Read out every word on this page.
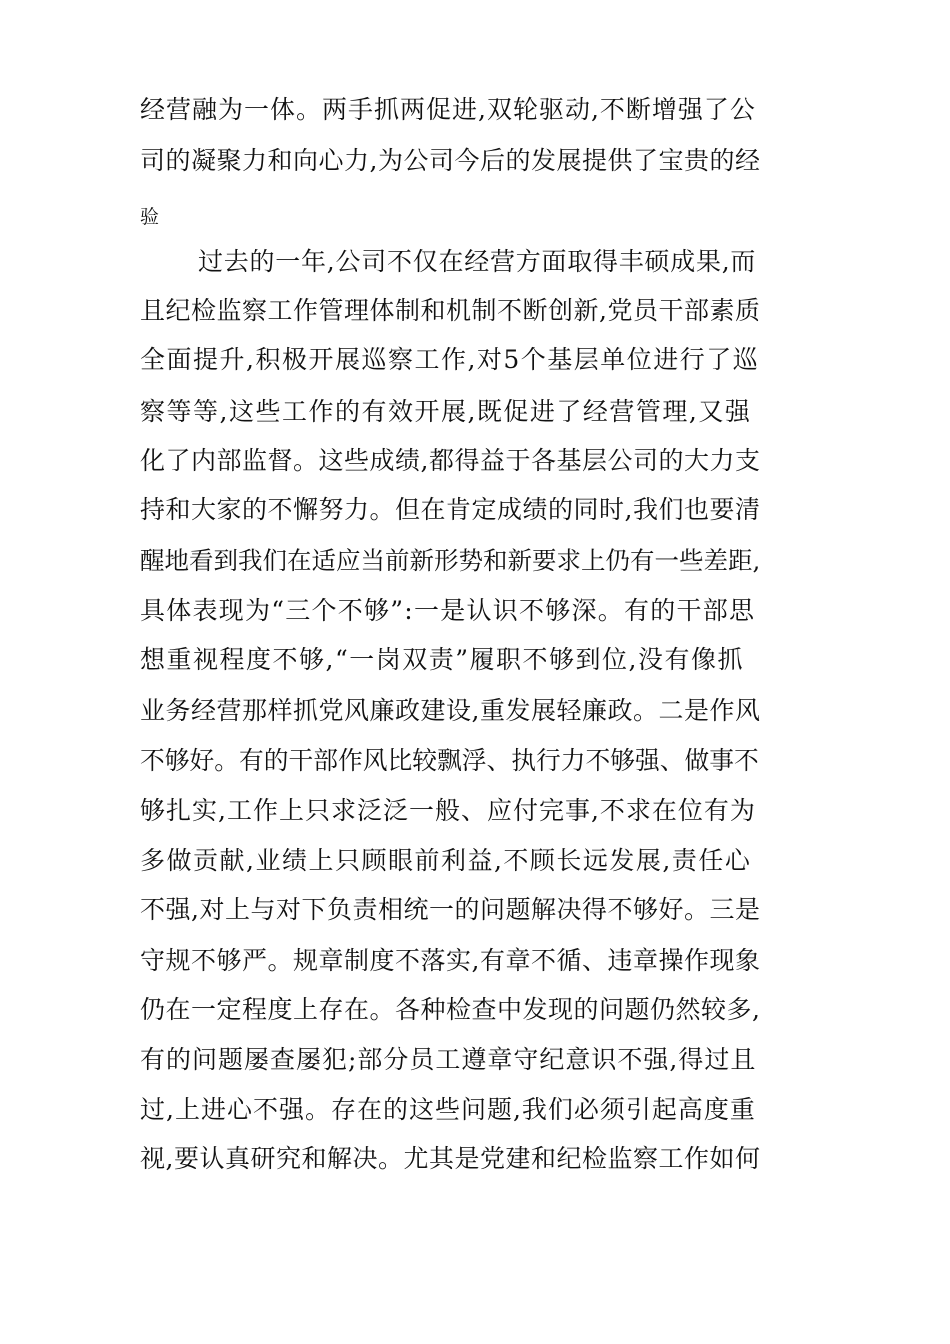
经营融为一体。两手抓两促进,双轮驱动,不断增强了公
司的凝聚力和向心力,为公司今后的发展提供了宝贵的经
验
过去的一年,公司不仅在经营方面取得丰硕成果,而
且纪检监察工作管理体制和机制不断创新,党员干部素质
全面提升,积极开展巡察工作,对5个基层单位进行了巡
察等等,这些工作的有效开展,既促进了经营管理,又强
化了内部监督。这些成绩,都得益于各基层公司的大力支
持和大家的不懈努力。但在肯定成绩的同时,我们也要清
醒地看到我们在适应当前新形势和新要求上仍有一些差距,
具体表现为“三个不够”:一是认识不够深。有的干部思
想重视程度不够,“一岗双责”履职不够到位,没有像抓
业务经营那样抓党风廉政建设,重发展轻廉政。二是作风
不够好。有的干部作风比较飘浮、执行力不够强、做事不
够扎实,工作上只求泛泛一般、应付完事,不求在位有为
多做贡献,业绩上只顾眼前利益,不顾长远发展,责任心
不强,对上与对下负责相统一的问题解决得不够好。三是
守规不够严。规章制度不落实,有章不循、违章操作现象
仍在一定程度上存在。各种检查中发现的问题仍然较多,
有的问题屡查屡犯;部分员工遵章守纪意识不强,得过且
过,上进心不强。存在的这些问题,我们必须引起高度重
视,要认真研究和解决。尤其是党建和纪检监察工作如何
